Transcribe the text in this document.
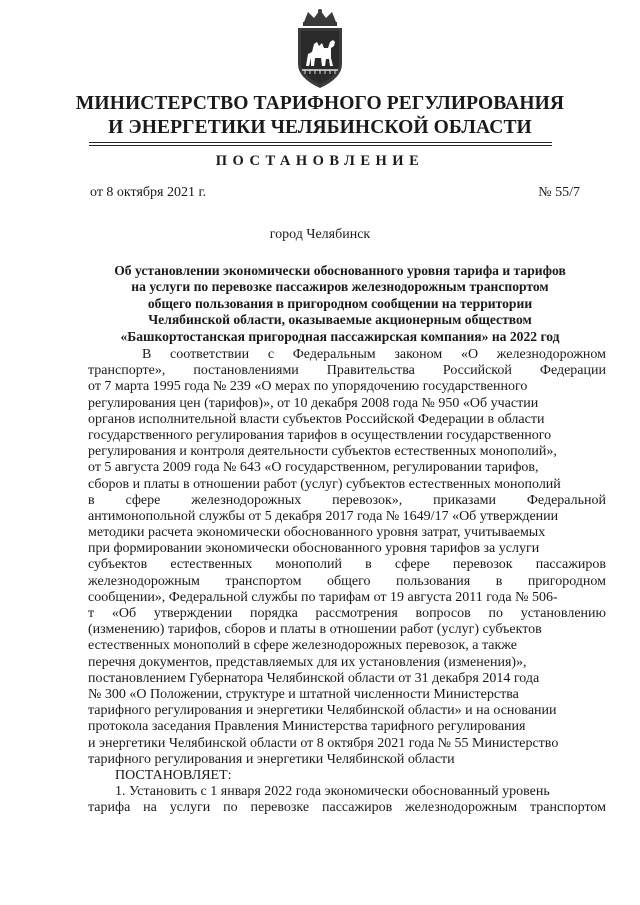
МИНИСТЕРСТВО ТАРИФНОГО РЕГУЛИРОВАНИЯ
И ЭНЕРГЕТИКИ ЧЕЛЯБИНСКОЙ ОБЛАСТИ
ПОСТАНОВЛЕНИЕ
от 8 октября 2021 г.	№ 55/7
город Челябинск
Об установлении экономически обоснованного уровня тарифа и тарифов
на услуги по перевозке пассажиров железнодорожным транспортом
общего пользования в пригородном сообщении на территории
Челябинской области, оказываемые акционерным обществом
«Башкортостанская пригородная пассажирская компания» на 2022 год
В соответствии с Федеральным законом «О железнодорожном
транспорте», постановлениями Правительства Российской Федерации
от 7 марта 1995 года № 239 «О мерах по упорядочению государственного
регулирования цен (тарифов)», от 10 декабря 2008 года № 950 «Об участии
органов исполнительной власти субъектов Российской Федерации в области
государственного регулирования тарифов в осуществлении государственного
регулирования и контроля деятельности субъектов естественных монополий»,
от 5 августа 2009 года № 643 «О государственном, регулировании тарифов,
сборов и платы в отношении работ (услуг) субъектов естественных монополий
в сфере железнодорожных перевозок», приказами Федеральной
антимонопольной службы от 5 декабря 2017 года № 1649/17 «Об утверждении
методики расчета экономически обоснованного уровня затрат, учитываемых
при формировании экономически обоснованного уровня тарифов за услуги
субъектов естественных монополий в сфере перевозок пассажиров
железнодорожным транспортом общего пользования в пригородном
сообщении», Федеральной службы по тарифам от 19 августа 2011 года № 506-
т «Об утверждении порядка рассмотрения вопросов по установлению
(изменению) тарифов, сборов и платы в отношении работ (услуг) субъектов
естественных монополий в сфере железнодорожных перевозок, а также
перечня документов, представляемых для их установления (изменения)»,
постановлением Губернатора Челябинской области от 31 декабря 2014 года
№ 300 «О Положении, структуре и штатной численности Министерства
тарифного регулирования и энергетики Челябинской области» и на основании
протокола заседания Правления Министерства тарифного регулирования
и энергетики Челябинской области от 8 октября 2021 года № 55 Министерство
тарифного регулирования и энергетики Челябинской области
ПОСТАНОВЛЯЕТ:
1. Установить с 1 января 2022 года экономически обоснованный уровень
тарифа на услуги по перевозке пассажиров железнодорожным транспортом
